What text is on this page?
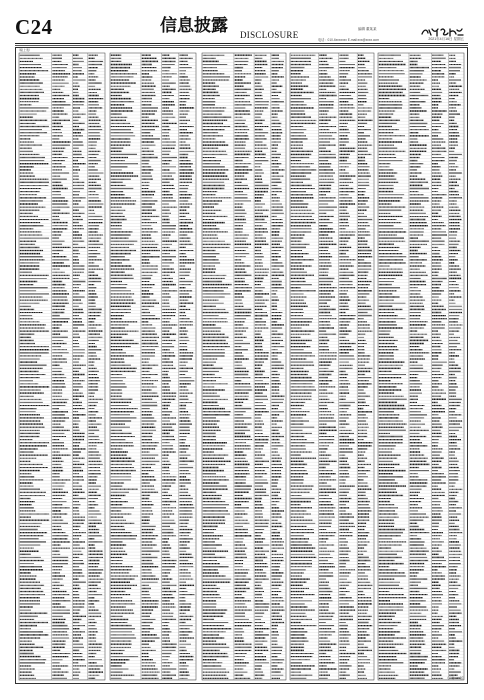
C24	信息披露 DISCLOSURE
编辑 董某某
2021年4月16日 星期五
电话：010-6xxxxxxx E-mail:xxx@xxxx.com
（续上表）
（下转C25版）
